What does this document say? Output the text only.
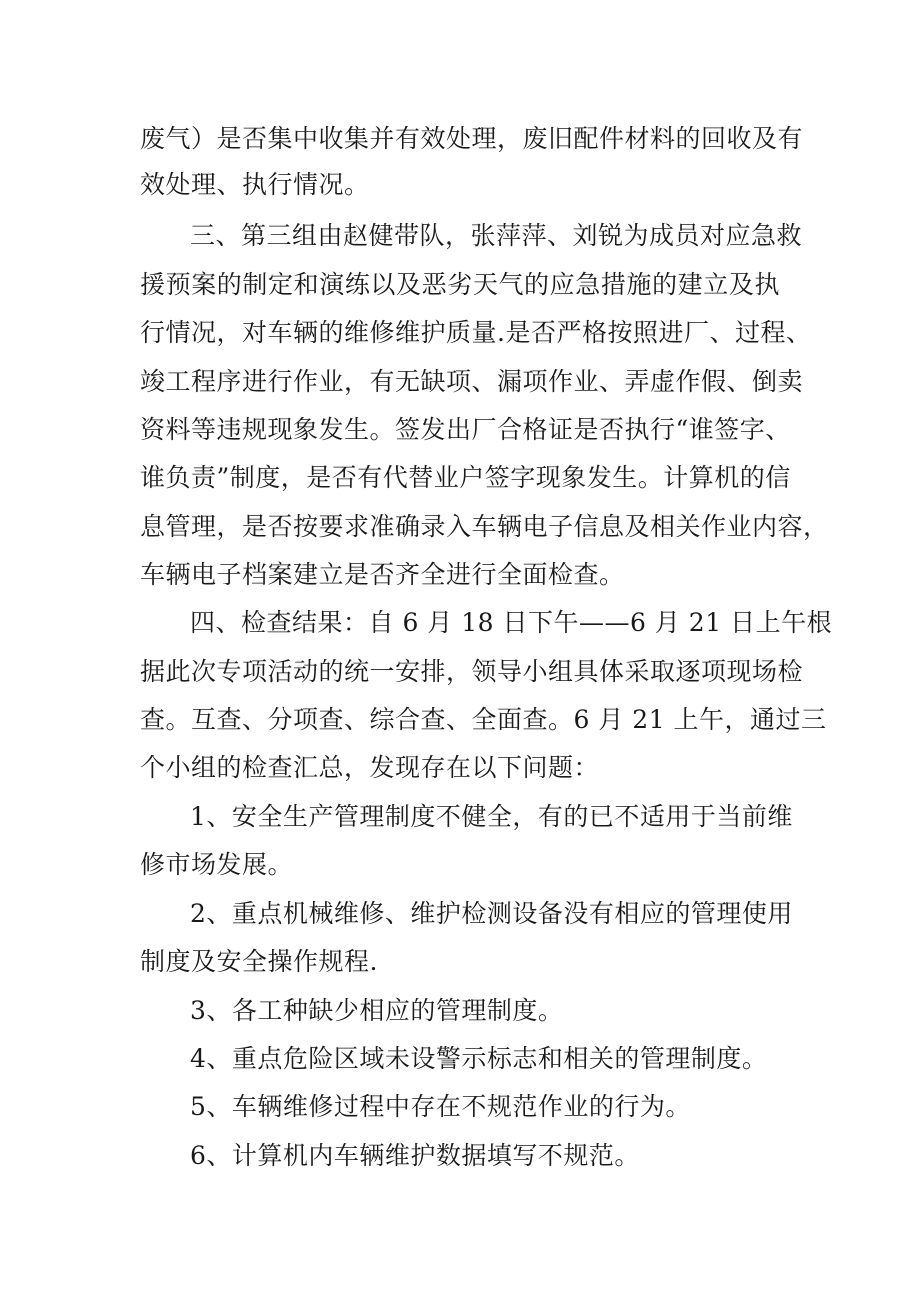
废气）是否集中收集并有效处理，废旧配件材料的回收及有
效处理、执行情况。
三、第三组由赵健带队，张萍萍、刘锐为成员对应急救
援预案的制定和演练以及恶劣天气的应急措施的建立及执
行情况，对车辆的维修维护质量.是否严格按照进厂、过程、
竣工程序进行作业，有无缺项、漏项作业、弄虚作假、倒卖
资料等违规现象发生。签发出厂合格证是否执行“谁签字、
谁负责”制度，是否有代替业户签字现象发生。计算机的信
息管理，是否按要求准确录入车辆电子信息及相关作业内容，
车辆电子档案建立是否齐全进行全面检查。
四、检查结果：自 6 月 18 日下午——6 月 21 日上午根
据此次专项活动的统一安排，领导小组具体采取逐项现场检
查。互查、分项查、综合查、全面查。6 月 21 上午，通过三
个小组的检查汇总，发现存在以下问题：
1、安全生产管理制度不健全，有的已不适用于当前维
修市场发展。
2、重点机械维修、维护检测设备没有相应的管理使用
制度及安全操作规程.
3、各工种缺少相应的管理制度。
4、重点危险区域未设警示标志和相关的管理制度。
5、车辆维修过程中存在不规范作业的行为。
6、计算机内车辆维护数据填写不规范。
